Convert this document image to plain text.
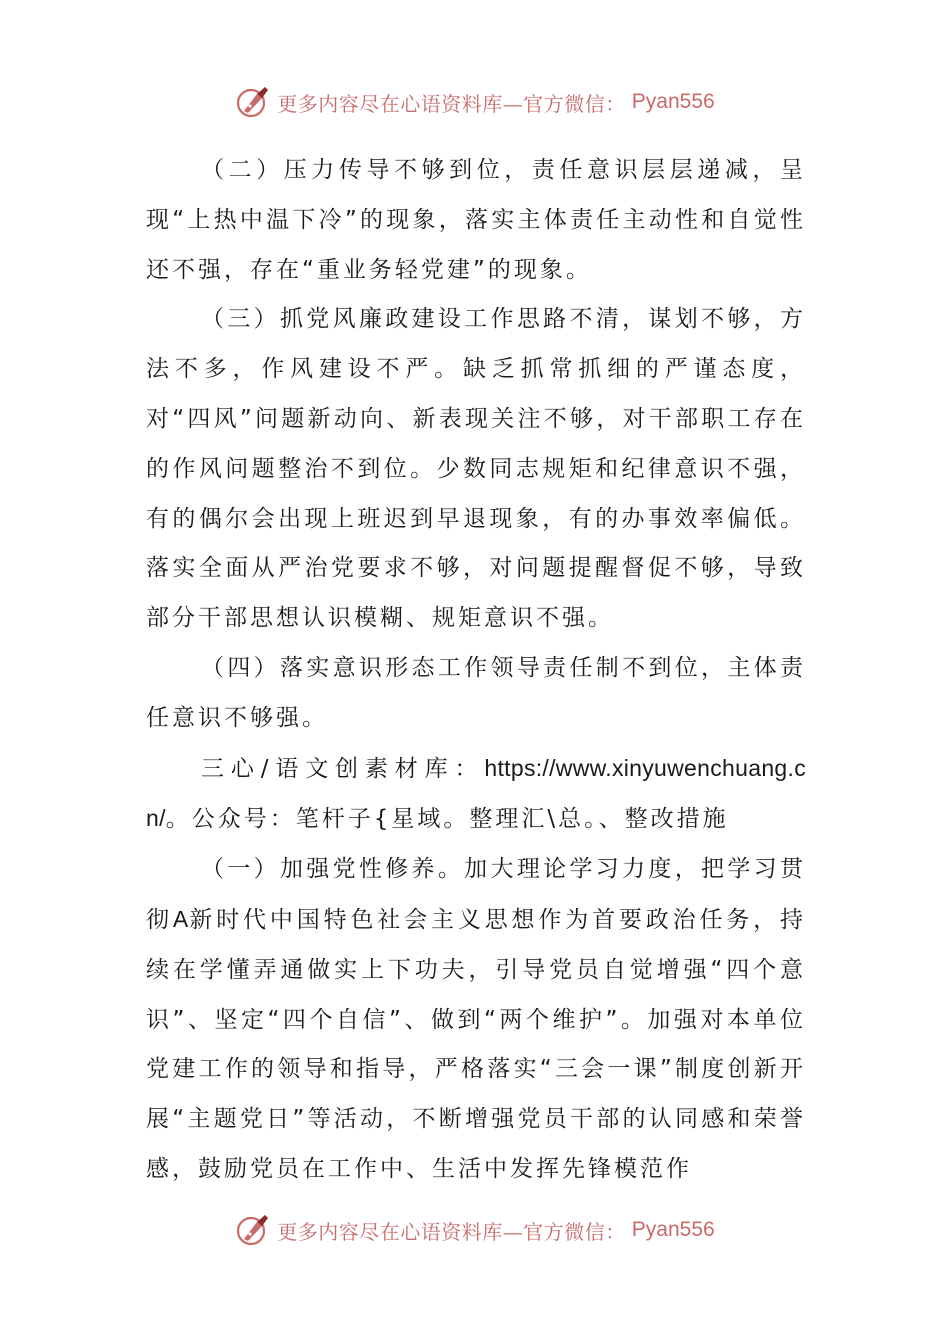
更多内容尽在心语资料库—官方微信： Pyan556

（二）压力传导不够到位，责任意识层层递减，呈现“上热中温下冷”的现象，落实主体责任主动性和自觉性还不强，存在“重业务轻党建”的现象。

（三）抓党风廉政建设工作思路不清，谋划不够，方法不多，作风建设不严。缺乏抓常抓细的严谨态度，对“四风”问题新动向、新表现关注不够，对干部职工存在的作风问题整治不到位。少数同志规矩和纪律意识不强，有的偶尔会出现上班迟到早退现象，有的办事效率偏低。落实全面从严治党要求不够，对问题提醒督促不够，导致部分干部思想认识模糊、规矩意识不强。

（四）落实意识形态工作领导责任制不到位，主体责任意识不够强。

三心/语文创素材库：https://www.xinyuwenchuang.cn/。公众号：笔杆子{星域。整理汇\总。、整改措施

（一）加强党性修养。加大理论学习力度，把学习贯彻A新时代中国特色社会主义思想作为首要政治任务，持续在学懂弄通做实上下功夫，引导党员自觉增强“四个意识”、坚定“四个自信”、做到“两个维护”。加强对本单位党建工作的领导和指导，严格落实“三会一课”制度创新开展“主题党日”等活动，不断增强党员干部的认同感和荣誉感，鼓励党员在工作中、生活中发挥先锋模范作

更多内容尽在心语资料库—官方微信： Pyan556
